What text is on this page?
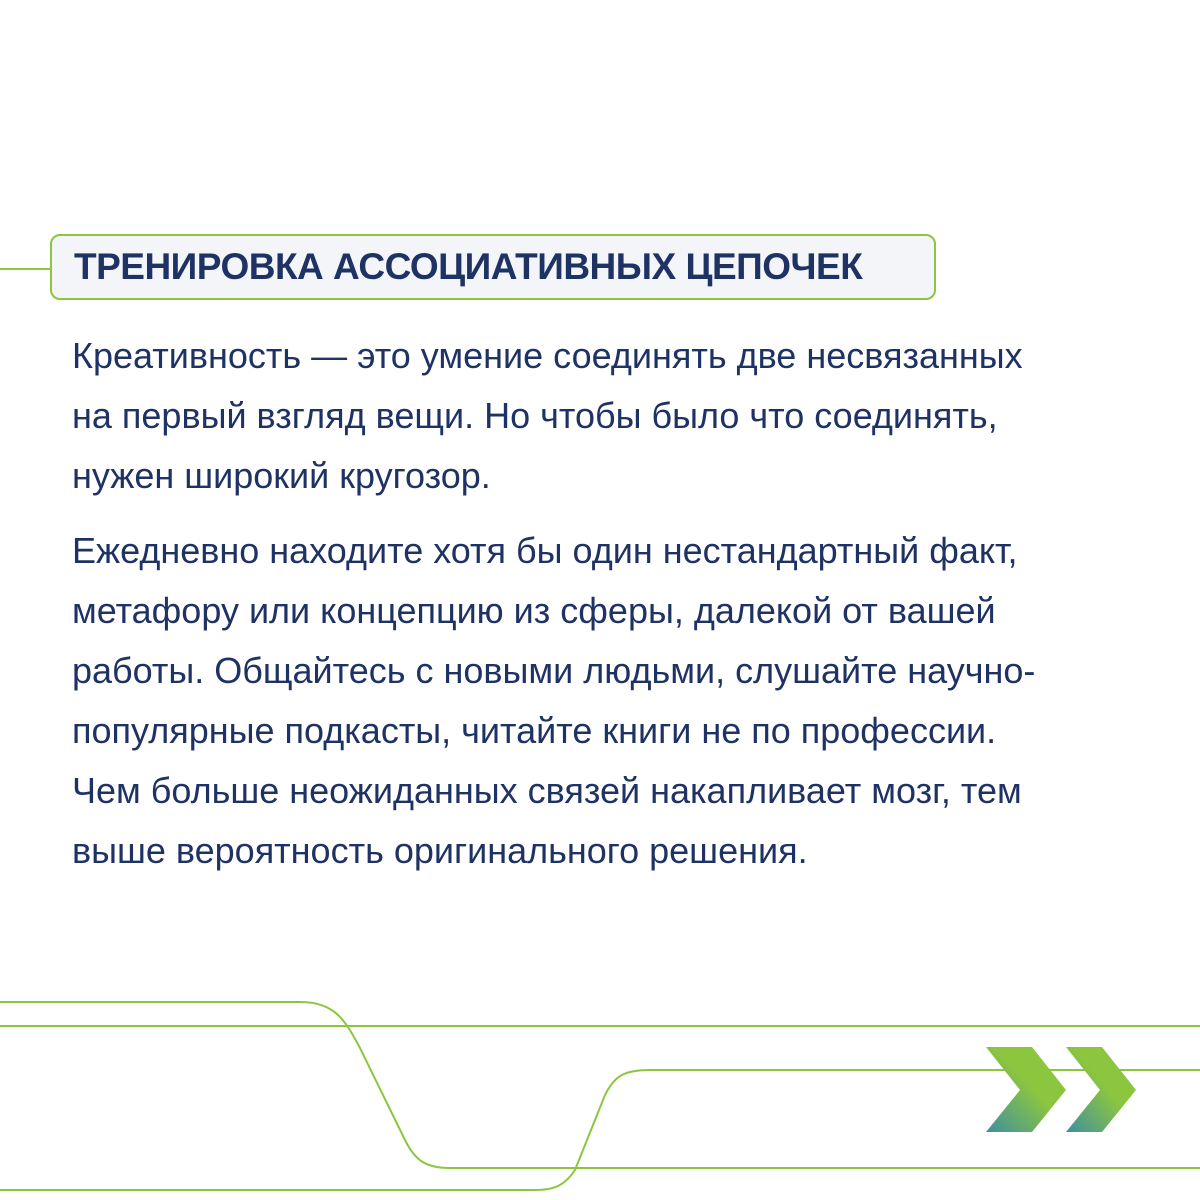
ТРЕНИРОВКА АССОЦИАТИВНЫХ ЦЕПОЧЕК

Креативность — это умение соединять две несвязанных
на первый взгляд вещи. Но чтобы было что соединять,
нужен широкий кругозор.

Ежедневно находите хотя бы один нестандартный факт,
метафору или концепцию из сферы, далекой от вашей
работы. Общайтесь с новыми людьми, слушайте научно-
популярные подкасты, читайте книги не по профессии.
Чем больше неожиданных связей накапливает мозг, тем
выше вероятность оригинального решения.
